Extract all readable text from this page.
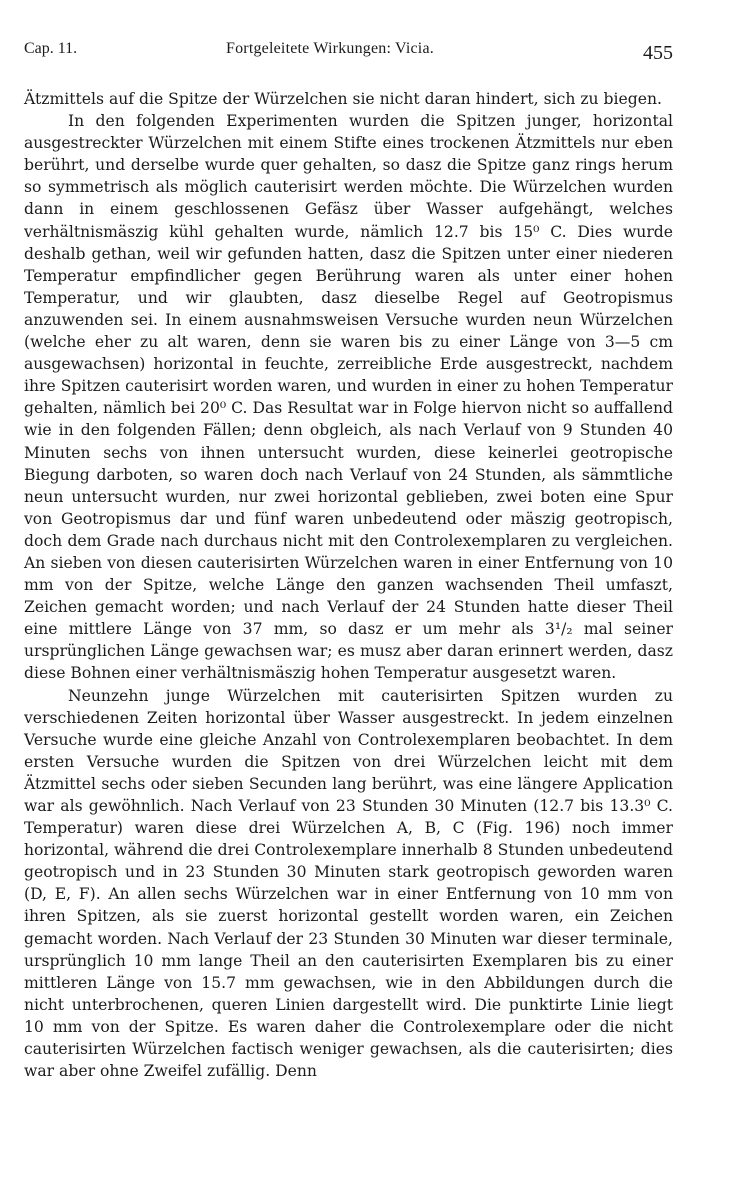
Cap. 11.	Fortgeleitete Wirkungen: Vicia.	455

Ätzmittels auf die Spitze der Würzelchen sie nicht daran hindert, sich zu biegen.

In den folgenden Experimenten wurden die Spitzen junger, horizontal ausgestreckter Würzelchen mit einem Stifte eines trockenen Ätzmittels nur eben berührt, und derselbe wurde quer gehalten, so dasz die Spitze ganz rings herum so symmetrisch als möglich cauterisirt werden möchte. Die Würzelchen wurden dann in einem geschlossenen Gefäsz über Wasser aufgehängt, welches verhältnismäszig kühl gehalten wurde, nämlich 12.7 bis 15⁰ C. Dies wurde deshalb gethan, weil wir gefunden hatten, dasz die Spitzen unter einer niederen Temperatur empfindlicher gegen Berührung waren als unter einer hohen Temperatur, und wir glaubten, dasz dieselbe Regel auf Geotropismus anzuwenden sei. In einem ausnahmsweisen Versuche wurden neun Würzelchen (welche eher zu alt waren, denn sie waren bis zu einer Länge von 3—5 cm ausgewachsen) horizontal in feuchte, zerreibliche Erde ausgestreckt, nachdem ihre Spitzen cauterisirt worden waren, und wurden in einer zu hohen Temperatur gehalten, nämlich bei 20⁰ C. Das Resultat war in Folge hiervon nicht so auffallend wie in den folgenden Fällen; denn obgleich, als nach Verlauf von 9 Stunden 40 Minuten sechs von ihnen untersucht wurden, diese keinerlei geotropische Biegung darboten, so waren doch nach Verlauf von 24 Stunden, als sämmtliche neun untersucht wurden, nur zwei horizontal geblieben, zwei boten eine Spur von Geotropismus dar und fünf waren unbedeutend oder mäszig geotropisch, doch dem Grade nach durchaus nicht mit den Controlexemplaren zu vergleichen. An sieben von diesen cauterisirten Würzelchen waren in einer Entfernung von 10 mm von der Spitze, welche Länge den ganzen wachsenden Theil umfaszt, Zeichen gemacht worden; und nach Verlauf der 24 Stunden hatte dieser Theil eine mittlere Länge von 37 mm, so dasz er um mehr als 3¹/₂ mal seiner ursprünglichen Länge gewachsen war; es musz aber daran erinnert werden, dasz diese Bohnen einer verhältnismäszig hohen Temperatur ausgesetzt waren.

Neunzehn junge Würzelchen mit cauterisirten Spitzen wurden zu verschiedenen Zeiten horizontal über Wasser ausgestreckt. In jedem einzelnen Versuche wurde eine gleiche Anzahl von Controlexemplaren beobachtet. In dem ersten Versuche wurden die Spitzen von drei Würzelchen leicht mit dem Ätzmittel sechs oder sieben Secunden lang berührt, was eine längere Application war als gewöhnlich. Nach Verlauf von 23 Stunden 30 Minuten (12.7 bis 13.3⁰ C. Temperatur) waren diese drei Würzelchen A, B, C (Fig. 196) noch immer horizontal, während die drei Controlexemplare innerhalb 8 Stunden unbedeutend geotropisch und in 23 Stunden 30 Minuten stark geotropisch geworden waren (D, E, F). An allen sechs Würzelchen war in einer Entfernung von 10 mm von ihren Spitzen, als sie zuerst horizontal gestellt worden waren, ein Zeichen gemacht worden. Nach Verlauf der 23 Stunden 30 Minuten war dieser terminale, ursprünglich 10 mm lange Theil an den cauterisirten Exemplaren bis zu einer mittleren Länge von 15.7 mm gewachsen, wie in den Abbildungen durch die nicht unterbrochenen, queren Linien dargestellt wird. Die punktirte Linie liegt 10 mm von der Spitze. Es waren daher die Controlexemplare oder die nicht cauterisirten Würzelchen factisch weniger gewachsen, als die cauterisirten; dies war aber ohne Zweifel zufällig. Denn
